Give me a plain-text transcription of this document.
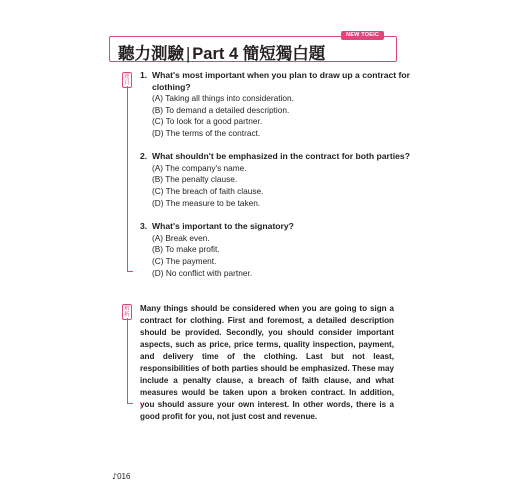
聽力測驗 | Part 4 簡短獨白題
NEW TOEIC
題
目
1. What's most important when you plan to draw up a contract for
clothing?
(A) Taking all things into consideration.
(B) To demand a detailed description.
(C) To look for a good partner.
(D) The terms of the contract.
2. What shouldn't be emphasized in the contract for both parties?
(A) The company's name.
(B) The penalty clause.
(C) The breach of faith clause.
(D) The measure to be taken.
3. What's important to the signatory?
(A) Break even.
(B) To make profit.
(C) The payment.
(D) No conflict with partner.
解
析
Many things should be considered when you are going to sign a contract for clothing. First and foremost, a detailed description should be provided. Secondly, you should consider important aspects, such as price, price terms, quality inspection, payment, and delivery time of the clothing. Last but not least, responsibilities of both parties should be emphasized. These may include a penalty clause, a breach of faith clause, and what measures would be taken upon a broken contract. In addition, you should assure your own interest. In other words, there is a good profit for you, not just cost and revenue.
♪016
